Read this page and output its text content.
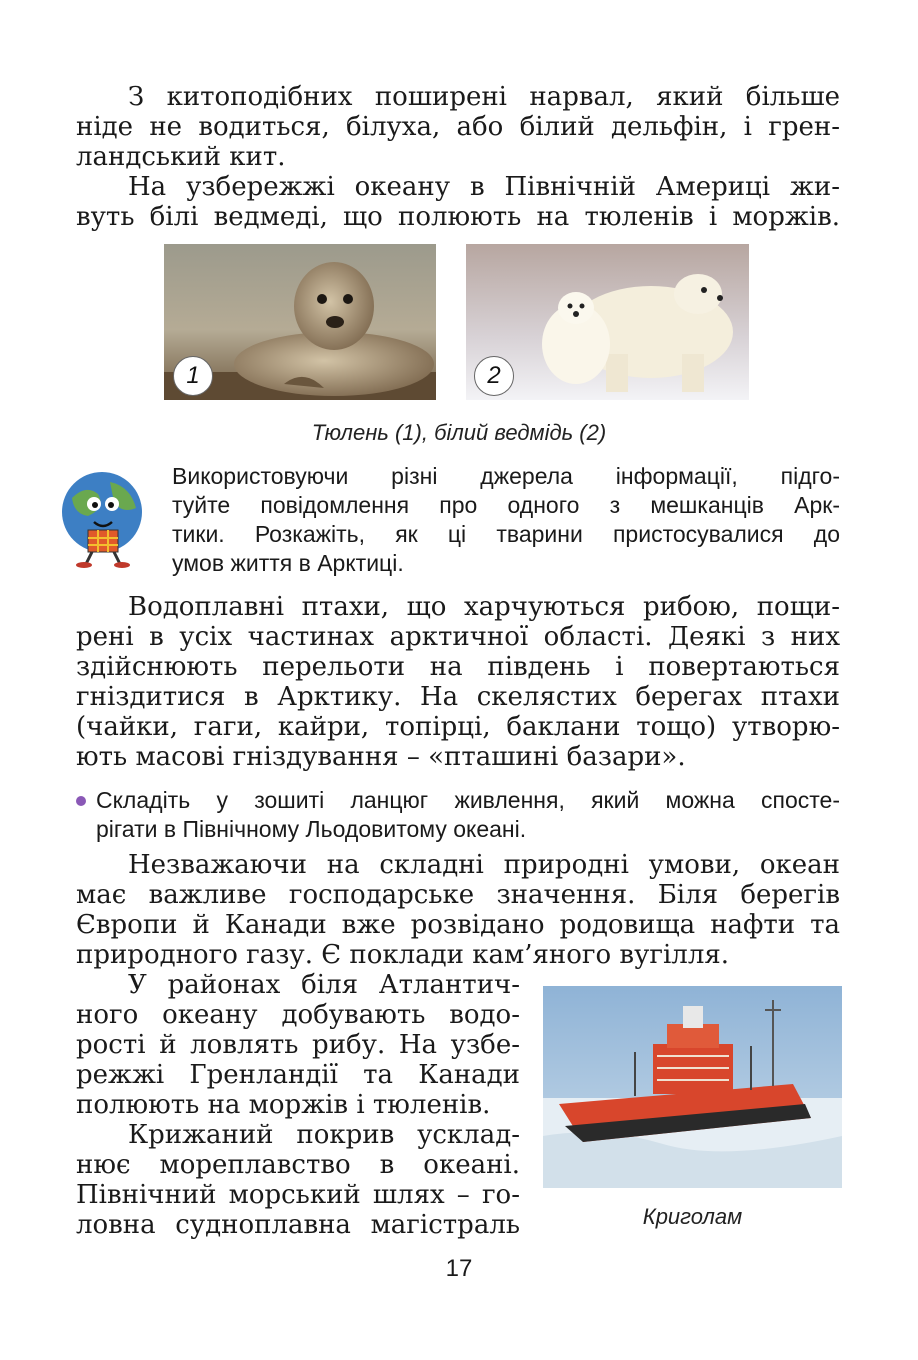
З китоподібних поширені нарвал, який більше
ніде не водиться, білуха, або білий дельфін, і грен-
ландський кит.
На узбережжі океану в Північній Америці жи-
вуть білі ведмеді, що полюють на тюленів і моржів.
1	2
Тюлень (1), білий ведмідь (2)
Використовуючи різні джерела інформації, підго-
туйте повідомлення про одного з мешканців Арк-
тики. Розкажіть, як ці тварини пристосувалися до
умов життя в Арктиці.
Водоплавні птахи, що харчуються рибою, пощи-
рені в усіх частинах арктичної області. Деякі з них
здійснюють перельоти на південь і повертаються
гніздитися в Арктику. На скелястих берегах птахи
(чайки, гаги, кайри, топірці, баклани тощо) утворю-
ють масові гніздування – «пташині базари».
Складіть у зошиті ланцюг живлення, який можна спосте-
рігати в Північному Льодовитому океані.
Незважаючи на складні природні умови, океан
має важливе господарське значення. Біля берегів
Європи й Канади вже розвідано родовища нафти та
природного газу. Є поклади кам’яного вугілля.
У районах біля Атлантич-
ного океану добувають водо-
рості й ловлять рибу. На узбе-
режжі Гренландії та Канади
полюють на моржів і тюленів.
Крижаний покрив усклад-
нює мореплавство в океані.
Північний морський шлях – го-
ловна судноплавна магістраль	Криголам
17
